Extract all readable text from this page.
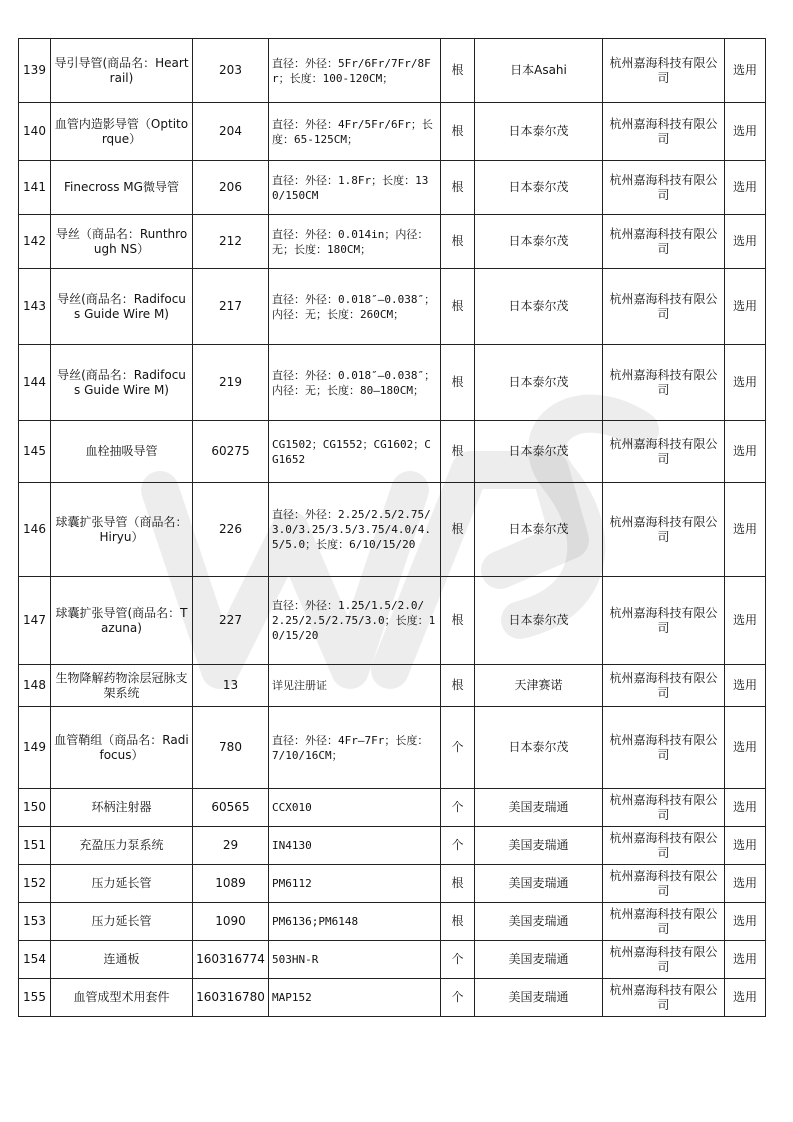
139	导引导管(商品名：Heartrail)	203	直径：外径：5Fr/6Fr/7Fr/8Fr；长度：100-120CM；	根	日本Asahi	杭州嘉海科技有限公司	选用
140	血管内造影导管（Optitorque）	204	直径：外径：4Fr/5Fr/6Fr；长度：65-125CM；	根	日本泰尔茂	杭州嘉海科技有限公司	选用
141	Finecross MG微导管	206	直径：外径：1.8Fr；长度：130/150CM	根	日本泰尔茂	杭州嘉海科技有限公司	选用
142	导丝（商品名：Runthrough NS）	212	直径：外径：0.014in；内径：无；长度：180CM；	根	日本泰尔茂	杭州嘉海科技有限公司	选用
143	导丝(商品名：Radifocus Guide Wire M)	217	直径：外径：0.018″—0.038″；内径：无；长度：260CM；	根	日本泰尔茂	杭州嘉海科技有限公司	选用
144	导丝(商品名：Radifocus Guide Wire M)	219	直径：外径：0.018″—0.038″；内径：无；长度：80—180CM；	根	日本泰尔茂	杭州嘉海科技有限公司	选用
145	血栓抽吸导管	60275	CG1502；CG1552；CG1602；CG1652	根	日本泰尔茂	杭州嘉海科技有限公司	选用
146	球囊扩张导管（商品名：Hiryu）	226	直径：外径：2.25/2.5/2.75/3.0/3.25/3.5/3.75/4.0/4.5/5.0；长度：6/10/15/20	根	日本泰尔茂	杭州嘉海科技有限公司	选用
147	球囊扩张导管(商品名：Tazuna)	227	直径：外径：1.25/1.5/2.0/2.25/2.5/2.75/3.0；长度：10/15/20	根	日本泰尔茂	杭州嘉海科技有限公司	选用
148	生物降解药物涂层冠脉支架系统	13	详见注册证	根	天津赛诺	杭州嘉海科技有限公司	选用
149	血管鞘组（商品名：Radifocus）	780	直径：外径：4Fr—7Fr；长度：7/10/16CM；	个	日本泰尔茂	杭州嘉海科技有限公司	选用
150	环柄注射器	60565	CCX010	个	美国麦瑞通	杭州嘉海科技有限公司	选用
151	充盈压力泵系统	29	IN4130	个	美国麦瑞通	杭州嘉海科技有限公司	选用
152	压力延长管	1089	PM6112	根	美国麦瑞通	杭州嘉海科技有限公司	选用
153	压力延长管	1090	PM6136;PM6148	根	美国麦瑞通	杭州嘉海科技有限公司	选用
154	连通板	160316774	503HN-R	个	美国麦瑞通	杭州嘉海科技有限公司	选用
155	血管成型术用套件	160316780	MAP152	个	美国麦瑞通	杭州嘉海科技有限公司	选用
